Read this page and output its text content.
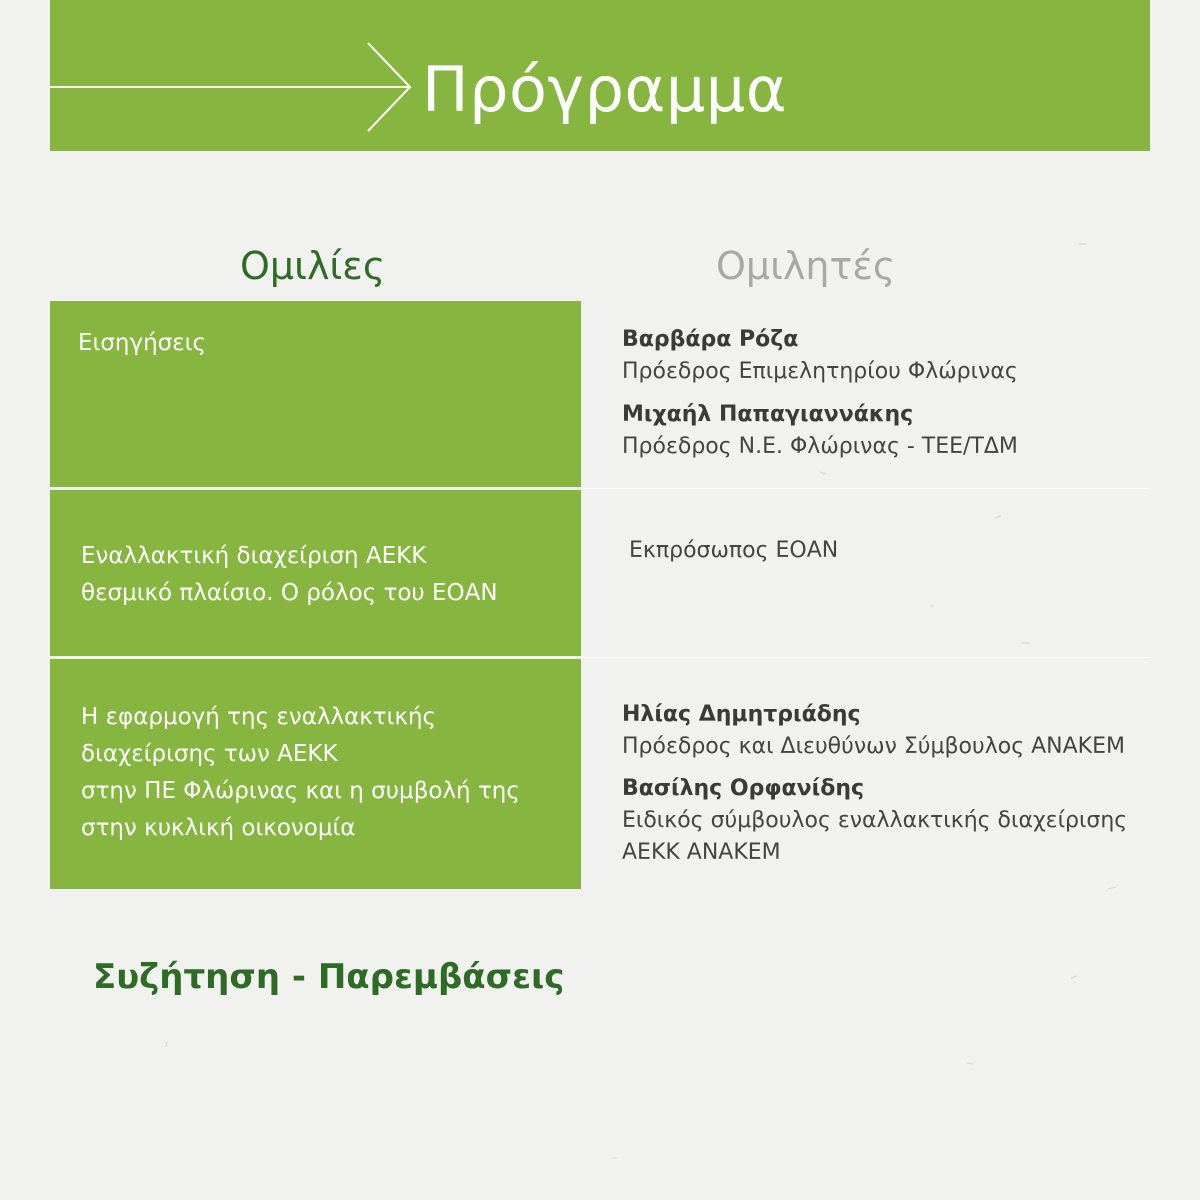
Πρόγραμμα
Ομιλίες	Ομιλητές
Εισηγήσεις	Βαρβάρα Ρόζα
Πρόεδρος Επιμελητηρίου Φλώρινας
Μιχαήλ Παπαγιαννάκης
Πρόεδρος Ν.Ε. Φλώρινας - ΤΕΕ/ΤΔΜ
Εναλλακτική διαχείριση ΑΕΚΚ
θεσμικό πλαίσιο. Ο ρόλος του ΕΟΑΝ
Εκπρόσωπος ΕΟΑΝ
Η εφαρμογή της εναλλακτικής
διαχείρισης των ΑΕΚΚ
στην ΠΕ Φλώρινας και η συμβολή της
στην κυκλική οικονομία
Ηλίας Δημητριάδης
Πρόεδρος και Διευθύνων Σύμβουλος ΑΝΑΚΕΜ
Βασίλης Ορφανίδης
Ειδικός σύμβουλος εναλλακτικής διαχείρισης
ΑΕΚΚ ΑΝΑΚΕΜ
Συζήτηση - Παρεμβάσεις
